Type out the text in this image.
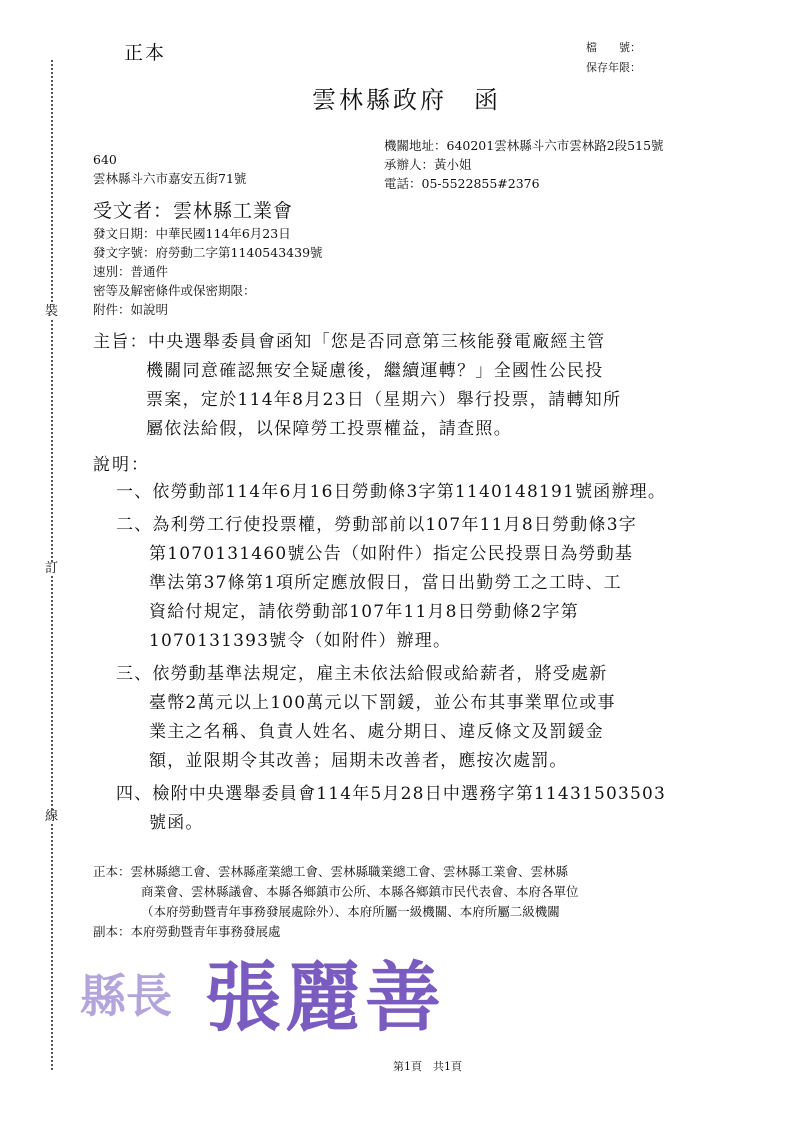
裝
訂
線
正本	檔　　號：
保存年限：
雲林縣政府　函
機關地址：640201雲林縣斗六市雲林路2段515號
承辦人：黃小姐
電話：05-5522855#2376
640
雲林縣斗六市嘉安五街71號
受文者：雲林縣工業會
發文日期：中華民國114年6月23日
發文字號：府勞動二字第1140543439號
速別：普通件
密等及解密條件或保密期限：
附件：如說明
主旨：中央選舉委員會函知「您是否同意第三核能發電廠經主管
機關同意確認無安全疑慮後，繼續運轉？」全國性公民投
票案，定於114年8月23日（星期六）舉行投票，請轉知所
屬依法給假，以保障勞工投票權益，請查照。
說明：
一、依勞動部114年6月16日勞動條3字第1140148191號函辦理。
二、為利勞工行使投票權，勞動部前以107年11月8日勞動條3字
第1070131460號公告（如附件）指定公民投票日為勞動基
準法第37條第1項所定應放假日，當日出勤勞工之工時、工
資給付規定，請依勞動部107年11月8日勞動條2字第
1070131393號令（如附件）辦理。
三、依勞動基準法規定，雇主未依法給假或給薪者，將受處新
臺幣2萬元以上100萬元以下罰鍰，並公布其事業單位或事
業主之名稱、負責人姓名、處分期日、違反條文及罰鍰金
額，並限期令其改善；屆期未改善者，應按次處罰。
四、檢附中央選舉委員會114年5月28日中選務字第11431503503
號函。
正本：雲林縣總工會、雲林縣產業總工會、雲林縣職業總工會、雲林縣工業會、雲林縣
商業會、雲林縣議會、本縣各鄉鎮市公所、本縣各鄉鎮市民代表會、本府各單位
（本府勞動暨青年事務發展處除外）、本府所屬一級機關、本府所屬二級機關
副本：本府勞動暨青年事務發展處
縣長 張麗善
第1頁　共1頁
